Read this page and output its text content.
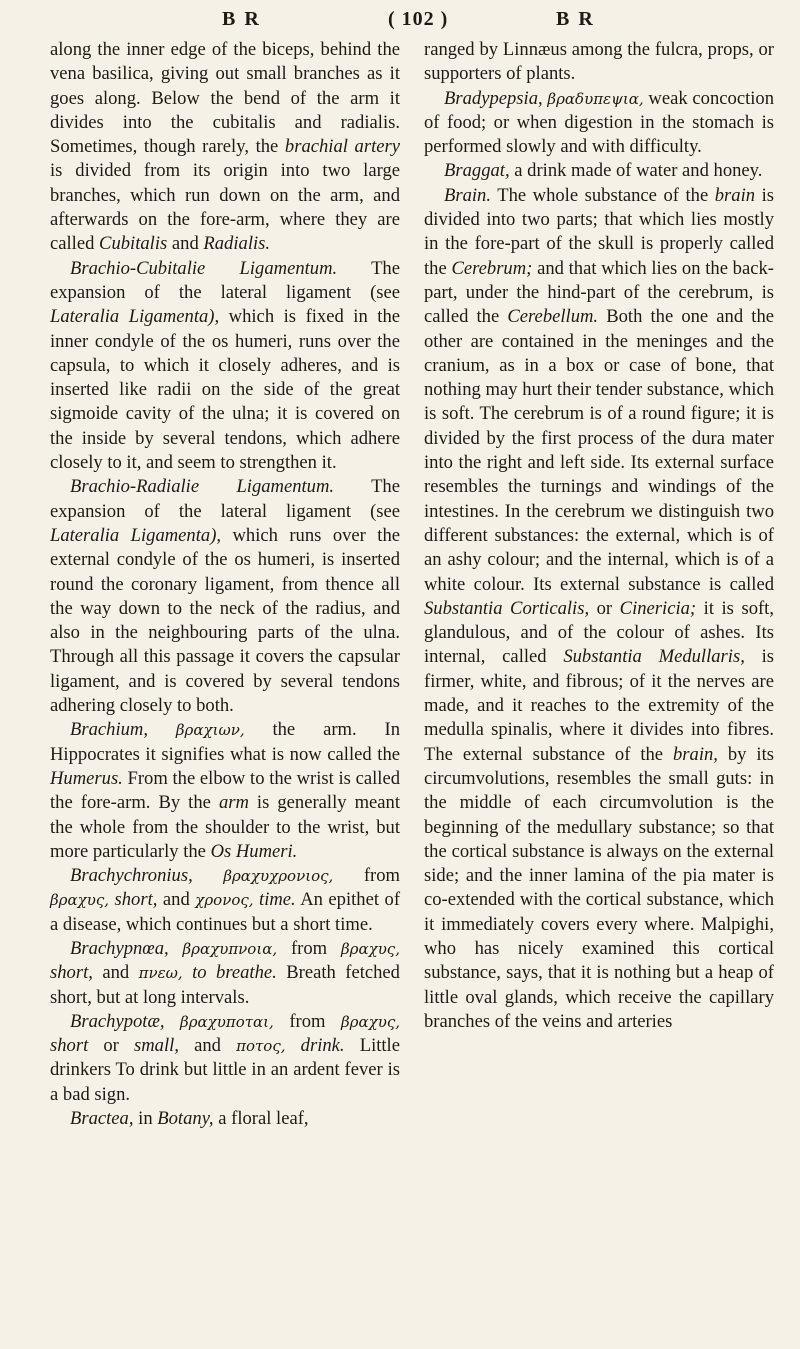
B R	( 102 )	B R

along the inner edge of the biceps, behind the vena basilica, giving out small branches as it goes along. Below the bend of the arm it divides into the cubitalis and radialis. Sometimes, though rarely, the brachial artery is divided from its origin into two large branches, which run down on the arm, and afterwards on the fore-arm, where they are called Cubitalis and Radialis.

Brachio-Cubitalie Ligamentum. The expansion of the lateral ligament (see Lateralia Ligamenta), which is fixed in the inner condyle of the os humeri, runs over the capsula, to which it closely adheres, and is inserted like radii on the side of the great sigmoide cavity of the ulna; it is covered on the inside by several tendons, which adhere closely to it, and seem to strengthen it.

Brachio-Radialie Ligamentum. The expansion of the lateral ligament (see Lateralia Ligamenta), which runs over the external condyle of the os humeri, is inserted round the coronary ligament, from thence all the way down to the neck of the radius, and also in the neighbouring parts of the ulna. Through all this passage it covers the capsular ligament, and is covered by several tendons adhering closely to both.

Brachium, βραχιων, the arm. In Hippocrates it signifies what is now called the Humerus. From the elbow to the wrist is called the fore-arm. By the arm is generally meant the whole from the shoulder to the wrist, but more particularly the Os Humeri.

Brachychronius, βραχυχρονιος, from βραχυς, short, and χρονος, time. An epithet of a disease, which continues but a short time.

Brachypnœa, βραχυπνοια, from βραχυς, short, and πνεω, to breathe. Breath fetched short, but at long intervals.

Brachypotæ, βραχυποται, from βραχυς, short or small, and ποτος, drink. Little drinkers To drink but little in an ardent fever is a bad sign.

Bractea, in Botany, a floral leaf,

ranged by Linnæus among the fulcra, props, or supporters of plants.

Bradypepsia, βραδυπεψια, weak concoction of food; or when digestion in the stomach is performed slowly and with difficulty.

Braggat, a drink made of water and honey.

Brain. The whole substance of the brain is divided into two parts; that which lies mostly in the fore-part of the skull is properly called the Cerebrum; and that which lies on the back-part, under the hind-part of the cerebrum, is called the Cerebellum. Both the one and the other are contained in the meninges and the cranium, as in a box or case of bone, that nothing may hurt their tender substance, which is soft. The cerebrum is of a round figure; it is divided by the first process of the dura mater into the right and left side. Its external surface resembles the turnings and windings of the intestines. In the cerebrum we distinguish two different substances: the external, which is of an ashy colour; and the internal, which is of a white colour. Its external substance is called Substantia Corticalis, or Cinericia; it is soft, glandulous, and of the colour of ashes. Its internal, called Substantia Medullaris, is firmer, white, and fibrous; of it the nerves are made, and it reaches to the extremity of the medulla spinalis, where it divides into fibres. The external substance of the brain, by its circumvolutions, resembles the small guts: in the middle of each circumvolution is the beginning of the medullary substance; so that the cortical substance is always on the external side; and the inner lamina of the pia mater is co-extended with the cortical substance, which it immediately covers every where. Malpighi, who has nicely examined this cortical substance, says, that it is nothing but a heap of little oval glands, which receive the capillary branches of the veins and arteries
